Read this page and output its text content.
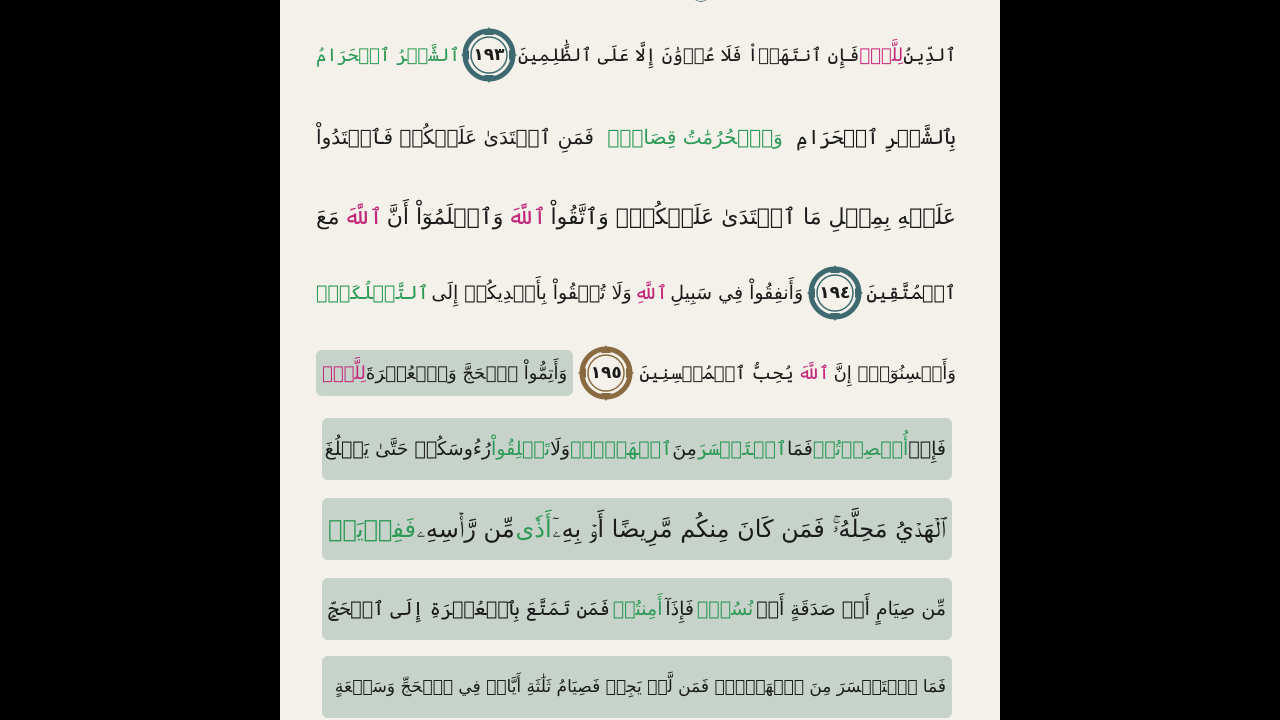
ٱلدِّينُ
لِلَّهِۖ
فَإِنِ ٱنتَهَوۡاْ فَلَا عُدۡوَٰنَ إِلَّا عَلَى ٱلظَّٰلِمِينَ
١٩٣
ٱلشَّهۡرُ ٱلۡحَرَامُ
بِٱلشَّهۡرِ ٱلۡحَرَامِ
وَٱلۡحُرُمَٰتُ قِصَاصٞۚ
فَمَنِ ٱعۡتَدَىٰ عَلَيۡكُمۡ فَٱعۡتَدُواْ
عَلَيۡهِ بِمِثۡلِ مَا ٱعۡتَدَىٰ عَلَيۡكُمۡۚ وَٱتَّقُواْ
ٱللَّهَ
وَٱعۡلَمُوٓاْ أَنَّ
ٱللَّهَ
مَعَ
ٱلۡمُتَّقِينَ
١٩٤
وَأَنفِقُواْ فِي سَبِيلِ
ٱللَّهِ
وَلَا تُلۡقُواْ بِأَيۡدِيكُمۡ إِلَى
ٱلتَّهۡلُكَةِۛ
وَأَحۡسِنُوٓاْۛ إِنَّ
ٱللَّهَ
يُحِبُّ ٱلۡمُحۡسِنِينَ
١٩٥
وَأَتِمُّواْ ٱلۡحَجَّ وَٱلۡعُمۡرَةَ
لِلَّهِۚ
فَإِنۡ
أُحۡصِرۡتُمۡ
فَمَا
ٱسۡتَيۡسَرَ
مِنَ
ٱلۡهَدۡيِۖ
وَلَا
تَحۡلِقُواْ
رُءُوسَكُمۡ حَتَّىٰ يَبۡلُغَ
ٱلۡهَدۡيُ مَحِلَّهُۥۚ فَمَن كَانَ مِنكُم مَّرِيضًا أَوۡ بِهِۦٓ
أَذٗى
مِّن رَّأۡسِهِۦ
فَفِدۡيَةٞ
مِّن صِيَامٍ أَوۡ صَدَقَةٍ أَوۡ
نُسُكٖۚ
فَإِذَآ
أَمِنتُمۡ
فَمَن تَمَتَّعَ بِٱلۡعُمۡرَةِ إِلَى ٱلۡحَجِّ
فَمَا ٱسۡتَيۡسَرَ مِنَ ٱلۡهَدۡيِۚ فَمَن لَّمۡ يَجِدۡ فَصِيَامُ ثَلَٰثَةِ أَيَّامٖ فِي ٱلۡحَجِّ وَسَبۡعَةٍ
